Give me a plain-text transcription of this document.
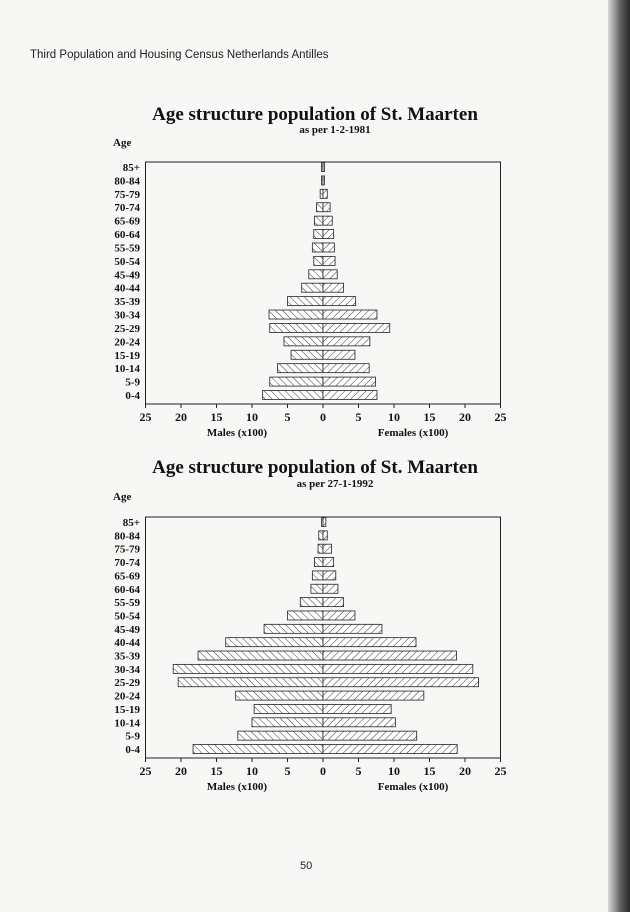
Third Population and Housing Census Netherlands Antilles
Age structure population of St. Maarten
as per 1-2-1981
Age
Age structure population of St. Maarten
as per 27-1-1992
Age
85+
80-84
75-79
70-74
65-69
60-64
55-59
50-54
45-49
40-44
35-39
30-34
25-29
20-24
15-19
10-14
5-9
0-4
25 20 15 10 5 0 5 10 15 20 25
Males (x100)	Females (x100)
85+
80-84
75-79
70-74
65-69
60-64
55-59
50-54
45-49
40-44
35-39
30-34
25-29
20-24
15-19
10-14
5-9
0-4
25 20 15 10 5 0 5 10 15 20 25
Males (x100)	Females (x100)
50
